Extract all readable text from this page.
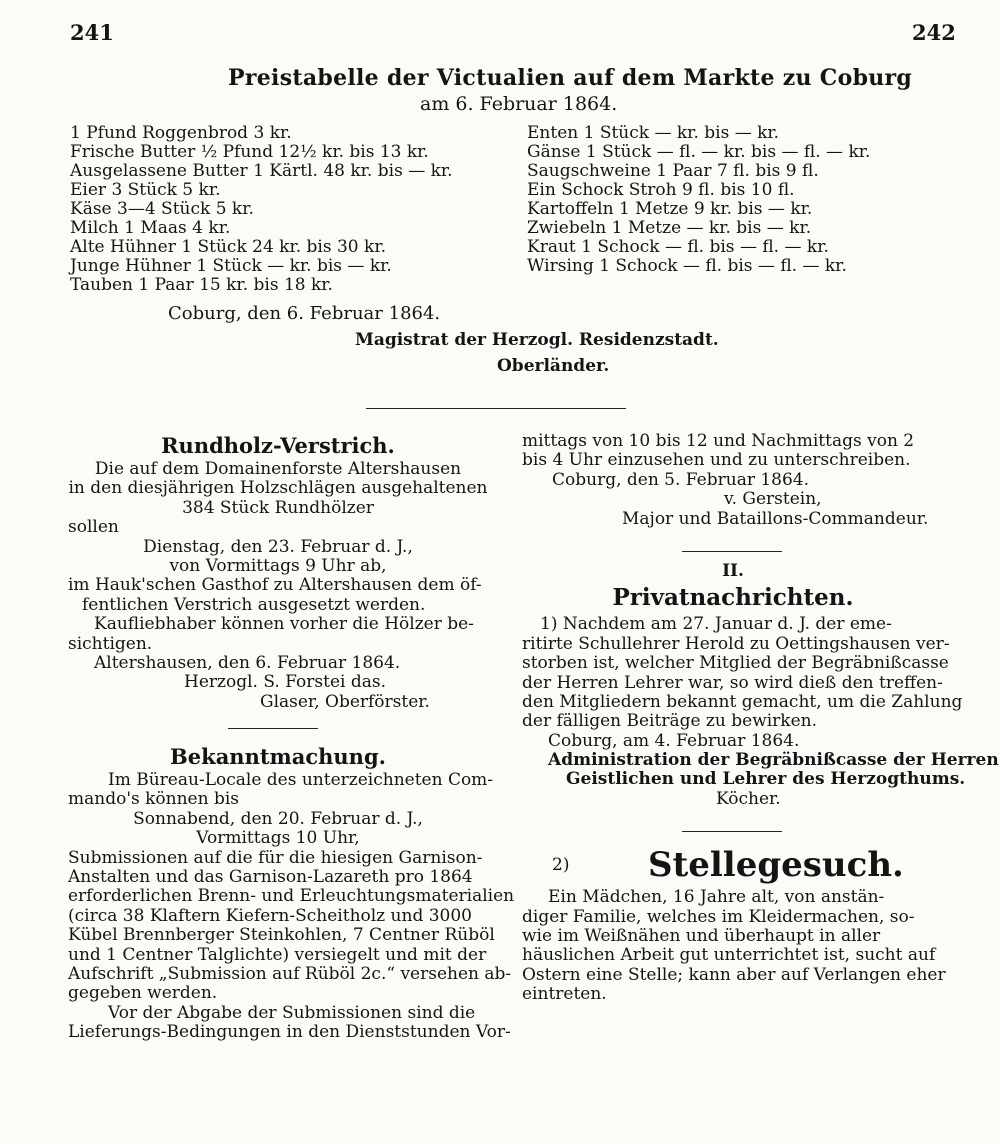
241	242
Preistabelle der Victualien auf dem Markte zu Coburg
am 6. Februar 1864.
1 Pfund Roggenbrod 3 kr.
Frische Butter ½ Pfund 12½ kr. bis 13 kr.
Ausgelassene Butter 1 Kärtl. 48 kr. bis — kr.
Eier 3 Stück 5 kr.
Käse 3—4 Stück 5 kr.
Milch 1 Maas 4 kr.
Alte Hühner 1 Stück 24 kr. bis 30 kr.
Junge Hühner 1 Stück — kr. bis — kr.
Tauben 1 Paar 15 kr. bis 18 kr.
Enten 1 Stück — kr. bis — kr.
Gänse 1 Stück — fl. — kr. bis — fl. — kr.
Saugschweine 1 Paar 7 fl. bis 9 fl.
Ein Schock Stroh 9 fl. bis 10 fl.
Kartoffeln 1 Metze 9 kr. bis — kr.
Zwiebeln 1 Metze — kr. bis — kr.
Kraut 1 Schock — fl. bis — fl. — kr.
Wirsing 1 Schock — fl. bis — fl. — kr.
Coburg, den 6. Februar 1864.
Magistrat der Herzogl. Residenzstadt.
Oberländer.
Rundholz-Verstrich.
Die auf dem Domainenforste Altershausen
in den diesjährigen Holzschlägen ausgehaltenen
384 Stück Rundhölzer
sollen
Dienstag, den 23. Februar d. J.,
von Vormittags 9 Uhr ab,
im Hauk'schen Gasthof zu Altershausen dem öf-
fentlichen Verstrich ausgesetzt werden.
Kaufliebhaber können vorher die Hölzer be-
sichtigen.
Altershausen, den 6. Februar 1864.
Herzogl. S. Forstei das.
Glaser, Oberförster.
Bekanntmachung.
Im Büreau-Locale des unterzeichneten Com-
mando's können bis
Sonnabend, den 20. Februar d. J.,
Vormittags 10 Uhr,
Submissionen auf die für die hiesigen Garnison-
Anstalten und das Garnison-Lazareth pro 1864
erforderlichen Brenn- und Erleuchtungsmaterialien
(circa 38 Klaftern Kiefern-Scheitholz und 3000
Kübel Brennberger Steinkohlen, 7 Centner Rüböl
und 1 Centner Talglichte) versiegelt und mit der
Aufschrift „Submission auf Rüböl 2c.“ versehen ab-
gegeben werden.
Vor der Abgabe der Submissionen sind die
Lieferungs-Bedingungen in den Dienststunden Vor-
mittags von 10 bis 12 und Nachmittags von 2
bis 4 Uhr einzusehen und zu unterschreiben.
Coburg, den 5. Februar 1864.
v. Gerstein,
Major und Bataillons-Commandeur.
II.
Privatnachrichten.
1) Nachdem am 27. Januar d. J. der eme-
ritirte Schullehrer Herold zu Oettingshausen ver-
storben ist, welcher Mitglied der Begräbnißcasse
der Herren Lehrer war, so wird dieß den treffen-
den Mitgliedern bekannt gemacht, um die Zahlung
der fälligen Beiträge zu bewirken.
Coburg, am 4. Februar 1864.
Administration der Begräbnißcasse der Herren
Geistlichen und Lehrer des Herzogthums.
Köcher.
2) Stellegesuch.
Ein Mädchen, 16 Jahre alt, von anstän-
diger Familie, welches im Kleidermachen, so-
wie im Weißnähen und überhaupt in aller
häuslichen Arbeit gut unterrichtet ist, sucht auf
Ostern eine Stelle; kann aber auf Verlangen eher
eintreten.
